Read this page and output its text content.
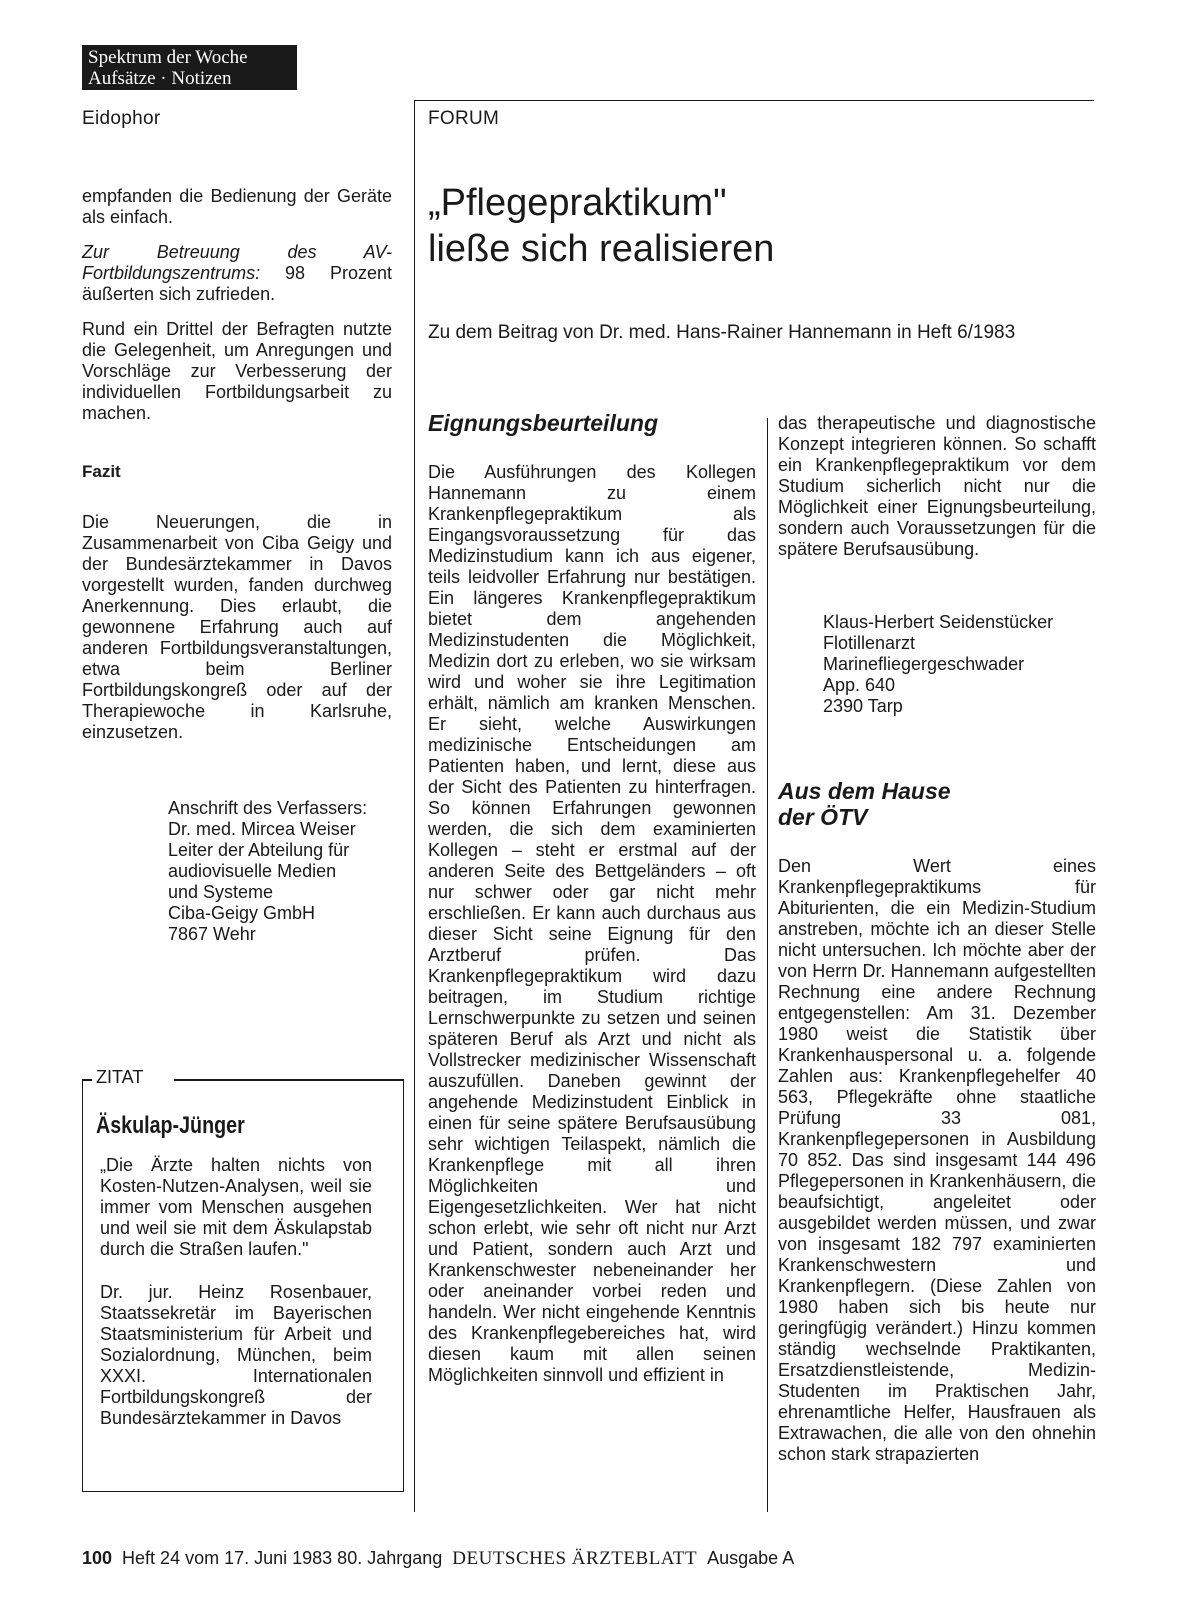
Spektrum der Woche
Aufsätze · Notizen
Eidophor

empfanden die Bedienung der Geräte als einfach.

Zur Betreuung des AV-Fortbildungszentrums: 98 Prozent äußerten sich zufrieden.

Rund ein Drittel der Befragten nutzte die Gelegenheit, um Anregungen und Vorschläge zur Verbesserung der individuellen Fortbildungsarbeit zu machen.

Fazit

Die Neuerungen, die in Zusammenarbeit von Ciba Geigy und der Bundesärztekammer in Davos vorgestellt wurden, fanden durchweg Anerkennung. Dies erlaubt, die gewonnene Erfahrung auch auf anderen Fortbildungsveranstaltungen, etwa beim Berliner Fortbildungskongreß oder auf der Therapiewoche in Karlsruhe, einzusetzen.

Anschrift des Verfassers:

Dr. med. Mircea Weiser

Leiter der Abteilung für

audiovisuelle Medien

und Systeme

Ciba-Geigy GmbH

7867 Wehr

ZITAT
Äskulap-Jünger

„Die Ärzte halten nichts von Kosten-Nutzen-Analysen, weil sie immer vom Menschen ausgehen und weil sie mit dem Äskulapstab durch die Straßen laufen."

Dr. jur. Heinz Rosenbauer, Staatssekretär im Bayerischen Staatsministerium für Arbeit und Sozialordnung, München, beim XXXI. Internationalen Fortbildungskongreß der Bundesärztekammer in Davos

FORUM
„Pflegepraktikum"
ließe sich realisieren
Zu dem Beitrag von Dr. med. Hans-Rainer Hannemann in Heft 6/1983

Eignungsbeurteilung

Die Ausführungen des Kollegen Hannemann zu einem Krankenpflegepraktikum als Eingangsvoraussetzung für das Medizinstudium kann ich aus eigener, teils leidvoller Erfahrung nur bestätigen. Ein längeres Krankenpflegepraktikum bietet dem angehenden Medizinstudenten die Möglichkeit, Medizin dort zu erleben, wo sie wirksam wird und woher sie ihre Legitimation erhält, nämlich am kranken Menschen. Er sieht, welche Auswirkungen medizinische Entscheidungen am Patienten haben, und lernt, diese aus der Sicht des Patienten zu hinterfragen. So können Erfahrungen gewonnen werden, die sich dem examinierten Kollegen – steht er erstmal auf der anderen Seite des Bettgeländers – oft nur schwer oder gar nicht mehr erschließen. Er kann auch durchaus aus dieser Sicht seine Eignung für den Arztberuf prüfen. Das Krankenpflegepraktikum wird dazu beitragen, im Studium richtige Lernschwerpunkte zu setzen und seinen späteren Beruf als Arzt und nicht als Vollstrecker medizinischer Wissenschaft auszufüllen. Daneben gewinnt der angehende Medizinstudent Einblick in einen für seine spätere Berufsausübung sehr wichtigen Teilaspekt, nämlich die Krankenpflege mit all ihren Möglichkeiten und Eigengesetzlichkeiten. Wer hat nicht schon erlebt, wie sehr oft nicht nur Arzt und Patient, sondern auch Arzt und Krankenschwester nebeneinander her oder aneinander vorbei reden und handeln. Wer nicht eingehende Kenntnis des Krankenpflegebereiches hat, wird diesen kaum mit allen seinen Möglichkeiten sinnvoll und effizient in

das therapeutische und diagnostische Konzept integrieren können. So schafft ein Krankenpflegepraktikum vor dem Studium sicherlich nicht nur die Möglichkeit einer Eignungsbeurteilung, sondern auch Voraussetzungen für die spätere Berufsausübung.

Klaus-Herbert Seidenstücker

Flotillenarzt

Marinefliegergeschwader

App. 640

2390 Tarp

Aus dem Hause der ÖTV

Den Wert eines Krankenpflegepraktikums für Abiturienten, die ein Medizin-Studium anstreben, möchte ich an dieser Stelle nicht untersuchen. Ich möchte aber der von Herrn Dr. Hannemann aufgestellten Rechnung eine andere Rechnung entgegenstellen: Am 31. Dezember 1980 weist die Statistik über Krankenhauspersonal u. a. folgende Zahlen aus: Krankenpflegehelfer 40 563, Pflegekräfte ohne staatliche Prüfung 33 081, Krankenpflegepersonen in Ausbildung 70 852. Das sind insgesamt 144 496 Pflegepersonen in Krankenhäusern, die beaufsichtigt, angeleitet oder ausgebildet werden müssen, und zwar von insgesamt 182 797 examinierten Krankenschwestern und Krankenpflegern. (Diese Zahlen von 1980 haben sich bis heute nur geringfügig verändert.) Hinzu kommen ständig wechselnde Praktikanten, Ersatzdienstleistende, Medizin-Studenten im Praktischen Jahr, ehrenamtliche Helfer, Hausfrauen als Extrawachen, die alle von den ohnehin schon stark strapazierten

100 Heft 24 vom 17. Juni 1983 80. Jahrgang DEUTSCHES ÄRZTEBLATT Ausgabe A
